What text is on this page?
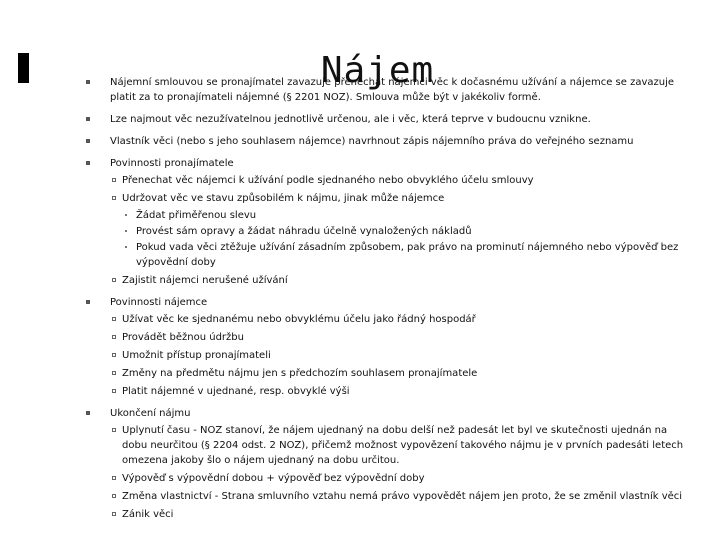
Nájem
Nájemní smlouvou se pronajímatel zavazuje přenechat nájemci věc k dočasnému užívání a nájemce se zavazuje platit za to pronajímateli nájemné (§ 2201 NOZ). Smlouva může být v jakékoliv formě.
Lze najmout věc nezužívatelnou jednotlivě určenou, ale i věc, která teprve v budoucnu vznikne.
Vlastník věci (nebo s jeho souhlasem nájemce) navrhnout zápis nájemního práva do veřejného seznamu
Povinnosti pronajímatele
Přenechat věc nájemci k užívání podle sjednaného nebo obvyklého účelu smlouvy
Udržovat věc ve stavu způsobilém k nájmu, jinak může nájemce
Žádat přiměřenou slevu
Provést sám opravy a žádat náhradu účelně vynaložených nákladů
Pokud vada věci ztěžuje užívání zásadním způsobem, pak právo na prominutí nájemného nebo výpověď bez výpovědní doby
Zajistit nájemci nerušené užívání
Povinnosti nájemce
Užívat věc ke sjednanému nebo obvyklému účelu jako řádný hospodář
Provádět běžnou údržbu
Umožnit přístup pronajímateli
Změny na předmětu nájmu jen s předchozím souhlasem pronajímatele
Platit nájemné v ujednané, resp. obvyklé výši
Ukončení nájmu
Uplynutí času - NOZ stanoví, že nájem ujednaný na dobu delší než padesát let byl ve skutečnosti ujednán na dobu neurčitou (§ 2204 odst. 2 NOZ), přičemž možnost vypovězení takového nájmu je v prvních padesáti letech omezena jakoby šlo o nájem ujednaný na dobu určitou.
Výpověď s výpovědní dobou + výpověď bez výpovědní doby
Změna vlastnictví - Strana smluvního vztahu nemá právo vypovědět nájem jen proto, že se změnil vlastník věci
Zánik věci
